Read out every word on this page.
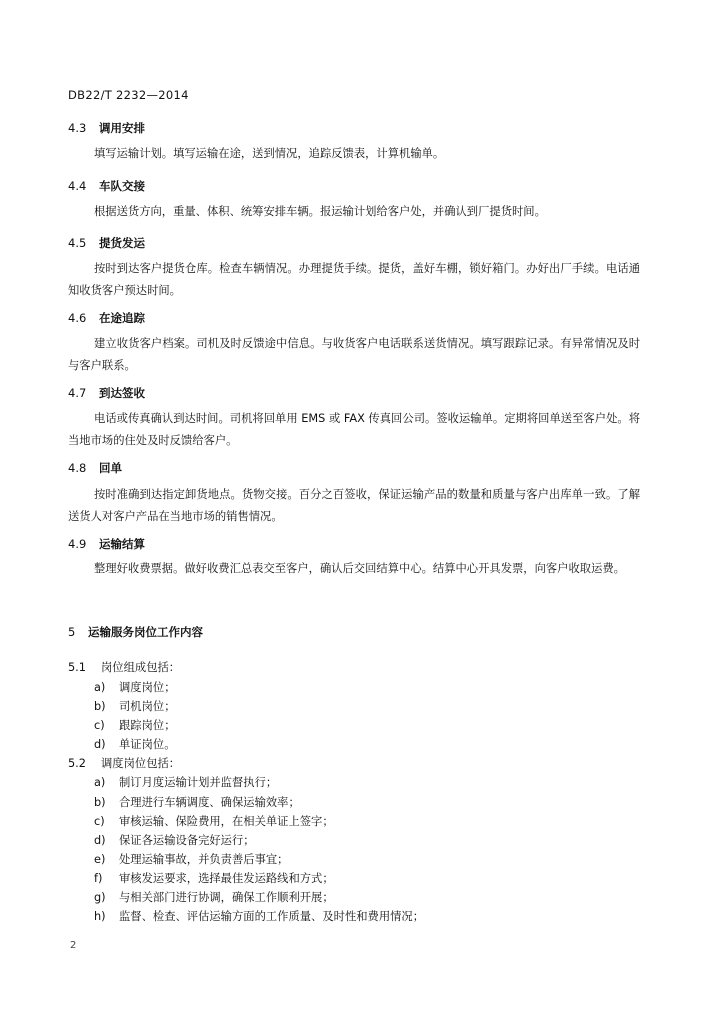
DB22/T 2232—2014
4.3 调用安排
填写运输计划。填写运输在途，送到情况，追踪反馈表，计算机输单。
4.4 车队交接
根据送货方向，重量、体积、统筹安排车辆。报运输计划给客户处，并确认到厂提货时间。
4.5 提货发运
按时到达客户提货仓库。检查车辆情况。办理提货手续。提货，盖好车棚，锁好箱门。办好出厂手续。电话通知收货客户预达时间。
4.6 在途追踪
建立收货客户档案。司机及时反馈途中信息。与收货客户电话联系送货情况。填写跟踪记录。有异常情况及时与客户联系。
4.7 到达签收
电话或传真确认到达时间。司机将回单用 EMS 或 FAX 传真回公司。签收运输单。定期将回单送至客户处。将当地市场的住处及时反馈给客户。
4.8 回单
按时准确到达指定卸货地点。货物交接。百分之百签收，保证运输产品的数量和质量与客户出库单一致。了解送货人对客户产品在当地市场的销售情况。
4.9 运输结算
整理好收费票据。做好收费汇总表交至客户，确认后交回结算中心。结算中心开具发票，向客户收取运费。
5 运输服务岗位工作内容
5.1 岗位组成包括：
a) 调度岗位；
b) 司机岗位；
c) 跟踪岗位；
d) 单证岗位。
5.2 调度岗位包括：
a) 制订月度运输计划并监督执行；
b) 合理进行车辆调度、确保运输效率；
c) 审核运输、保险费用，在相关单证上签字；
d) 保证各运输设备完好运行；
e) 处理运输事故，并负责善后事宜；
f) 审核发运要求，选择最佳发运路线和方式；
g) 与相关部门进行协调，确保工作顺利开展；
h) 监督、检查、评估运输方面的工作质量、及时性和费用情况；
2
